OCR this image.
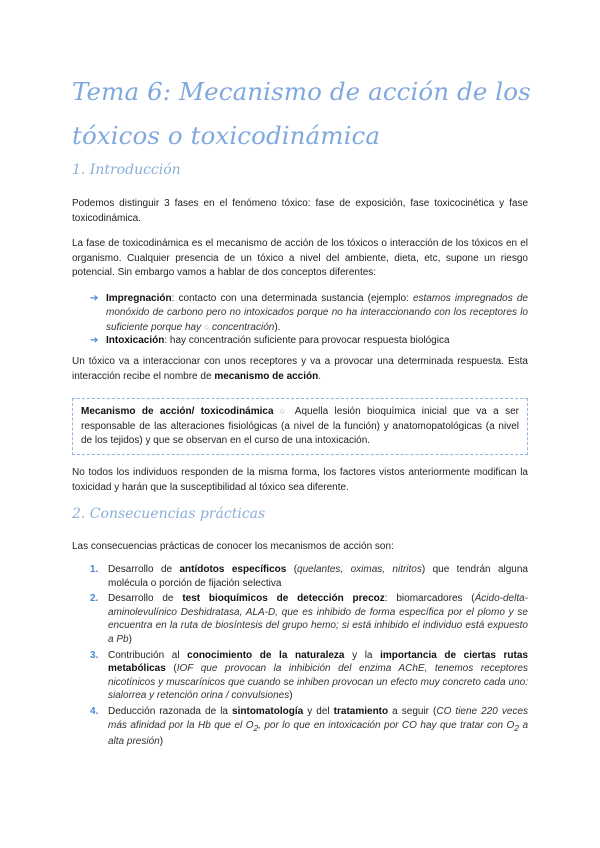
Tema 6: Mecanismo de acción de los tóxicos o toxicodinámica
1. Introducción

Podemos distinguir 3 fases en el fenómeno tóxico: fase de exposición, fase toxicocinética y fase toxicodinámica.

La fase de toxicodinámica es el mecanismo de acción de los tóxicos o interacción de los tóxicos en el organismo. Cualquier presencia de un tóxico a nivel del ambiente, dieta, etc, supone un riesgo potencial. Sin embargo vamos a hablar de dos conceptos diferentes:

➔ Impregnación: contacto con una determinada sustancia (ejemplo: estamos impregnados de monóxido de carbono pero no intoxicados porque no ha interaccionando con los receptores lo suficiente porque hay ○ concentración).
➔ Intoxicación: hay concentración suficiente para provocar respuesta biológica

Un tóxico va a interaccionar con unos receptores y va a provocar una determinada respuesta. Esta interacción recibe el nombre de mecanismo de acción.

Mecanismo de acción/ toxicodinámica ○ Aquella lesión bioquímica inicial que va a ser responsable de las alteraciones fisiológicas (a nivel de la función) y anatomopatológicas (a nivel de los tejidos) y que se observan en el curso de una intoxicación.

No todos los individuos responden de la misma forma, los factores vistos anteriormente modifican la toxicidad y harán que la susceptibilidad al tóxico sea diferente.

2. Consecuencias prácticas

Las consecuencias prácticas de conocer los mecanismos de acción son:

1. Desarrollo de antídotos específicos (quelantes, oximas, nitritos) que tendrán alguna molécula o porción de fijación selectiva
2. Desarrollo de test bioquímicos de detección precoz: biomarcadores (Ácido-delta-aminolevulínico Deshidratasa, ALA-D, que es inhibido de forma específica por el plomo y se encuentra en la ruta de biosíntesis del grupo hemo; si está inhibido el individuo está expuesto a Pb)
3. Contribución al conocimiento de la naturaleza y la importancia de ciertas rutas metabólicas (IOF que provocan la inhibición del enzima AChE, tenemos receptores nicotínicos y muscarínicos que cuando se inhiben provocan un efecto muy concreto cada uno: sialorrea y retención orina / convulsiones)
4. Deducción razonada de la sintomatología y del tratamiento a seguir (CO tiene 220 veces más afinidad por la Hb que el $O_2$, por lo que en intoxicación por CO hay que tratar con $O_2$ a alta presión)
